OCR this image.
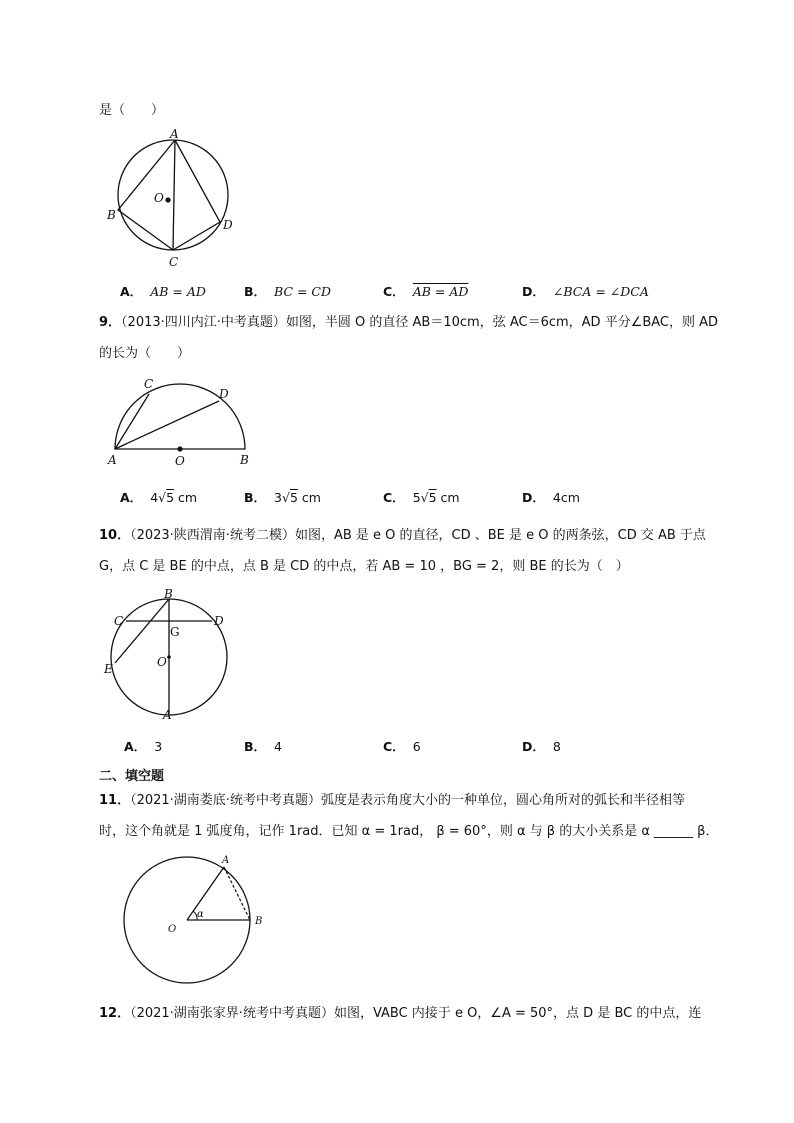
是（　　）
A
O
B
C
D
A． AB = AD	B． BC = CD	C． AB = AD	D． ∠BCA = ∠DCA
9．（2013·四川内江·中考真题）如图，半圆 O 的直径 AB＝10cm，弦 AC＝6cm，AD 平分∠BAC，则 AD
的长为（　　）
C
D
A	O	B
A． 4√5 cm	B． 3√5 cm	C． 5√5 cm	D． 4cm
10．（2023·陕西渭南·统考二模）如图，AB 是 e O 的直径，CD 、BE 是 e O 的两条弦，CD 交 AB 于点
G，点 C 是 BE 的中点，点 B 是 CD 的中点，若 AB = 10 ，BG = 2，则 BE 的长为（　）
B
C	D
G
O
E
A
A． 3	B． 4	C． 6	D． 8
二、填空题
11．（2021·湖南娄底·统考中考真题）弧度是表示角度大小的一种单位，圆心角所对的弧长和半径相等
时，这个角就是 1 弧度角，记作 1rad．已知 α = 1rad， β = 60°，则 α 与 β 的大小关系是 α ______ β．
A
B
O
α
12．（2021·湖南张家界·统考中考真题）如图，VABC 内接于 e O，∠A = 50°，点 D 是 BC 的中点，连
